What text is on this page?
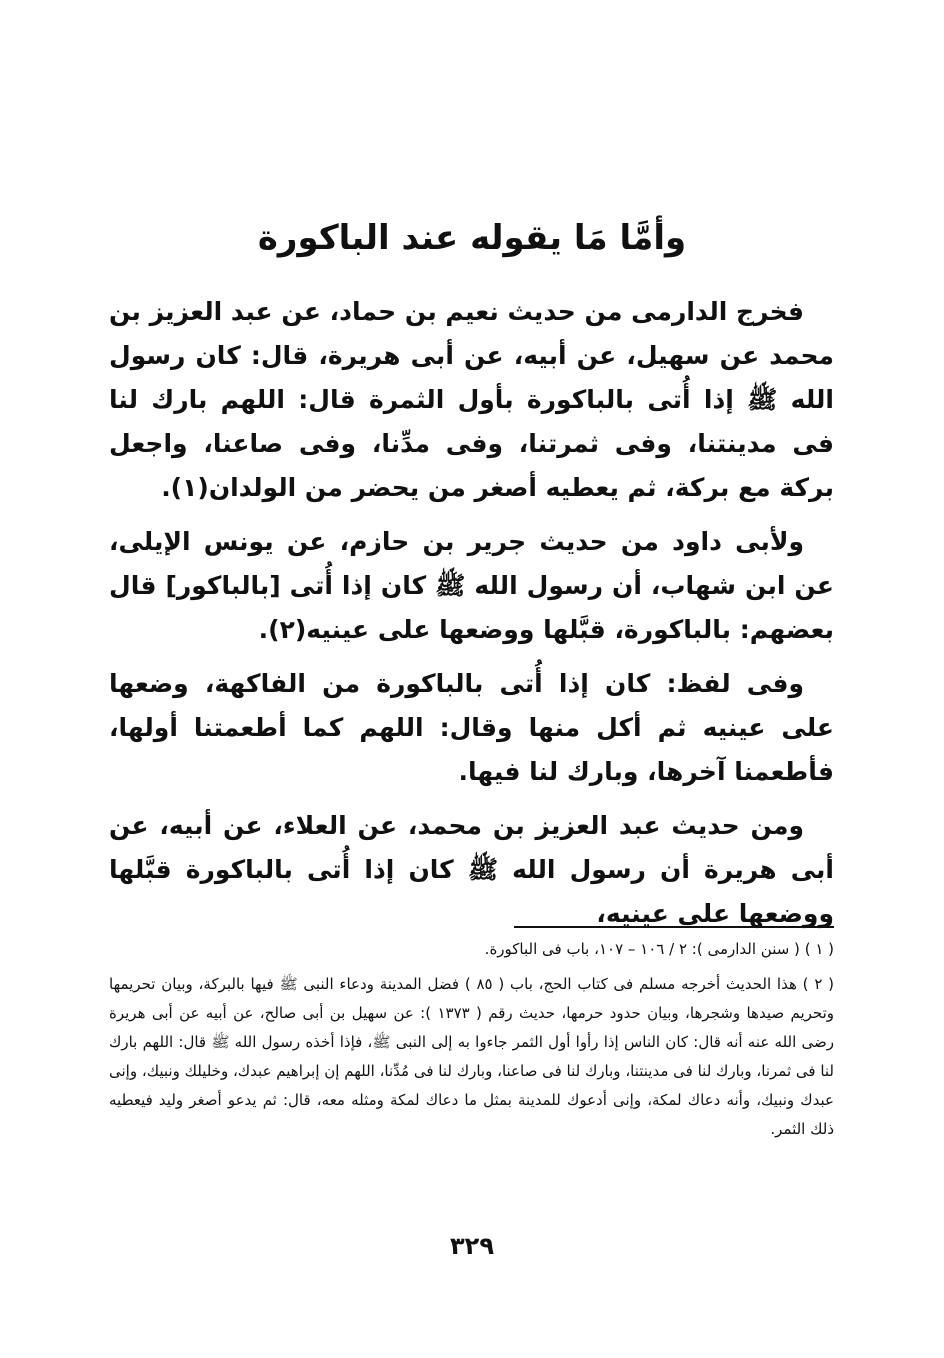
وأمَّا مَا يقوله عند الباكورة

فخرج الدارمى من حديث نعيم بن حماد، عن عبد العزيز بن محمد عن سهيل، عن أبيه، عن أبى هريرة، قال: كان رسول الله ﷺ إذا أُتى بالباكورة بأول الثمرة قال: اللهم بارك لنا فى مدينتنا، وفى ثمرتنا، وفى مدِّنا، وفى صاعنا، واجعل بركة مع بركة، ثم يعطيه أصغر من يحضر من الولدان(١).

ولأبى داود من حديث جرير بن حازم، عن يونس الإيلى، عن ابن شهاب، أن رسول الله ﷺ كان إذا أُتى [بالباكور] قال بعضهم: بالباكورة، قبَّلها ووضعها على عينيه(٢).

وفى لفظ: كان إذا أُتى بالباكورة من الفاكهة، وضعها على عينيه ثم أكل منها وقال: اللهم كما أطعمتنا أولها، فأطعمنا آخرها، وبارك لنا فيها.

ومن حديث عبد العزيز بن محمد، عن العلاء، عن أبيه، عن أبى هريرة أن رسول الله ﷺ كان إذا أُتى بالباكورة قبَّلها ووضعها على عينيه،

( ١ ) ( سنن الدارمى ): ٢ / ١٠٦ – ١٠٧، باب فى الباكورة.

( ٢ ) هذا الحديث أخرجه مسلم فى كتاب الحج، باب ( ٨٥ ) فضل المدينة ودعاء النبى ﷺ فيها بالبركة، وبيان تحريمها وتحريم صيدها وشجرها، وبيان حدود حرمها، حديث رقم ( ١٣٧٣ ): عن سهيل بن أبى صالح، عن أبيه عن أبى هريرة رضى الله عنه أنه قال: كان الناس إذا رأوا أول الثمر جاءوا به إلى النبى ﷺ، فإذا أخذه رسول الله ﷺ قال: اللهم بارك لنا فى ثمرنا، وبارك لنا فى مدينتنا، وبارك لنا فى صاعنا، وبارك لنا فى مُدِّنا، اللهم إن إبراهيم عبدك، وخليلك ونبيك، وإنى عبدك ونبيك، وأنه دعاك لمكة، وإنى أدعوك للمدينة بمثل ما دعاك لمكة ومثله معه، قال: ثم يدعو أصغر وليد فيعطيه ذلك الثمر.

٣٢٩
